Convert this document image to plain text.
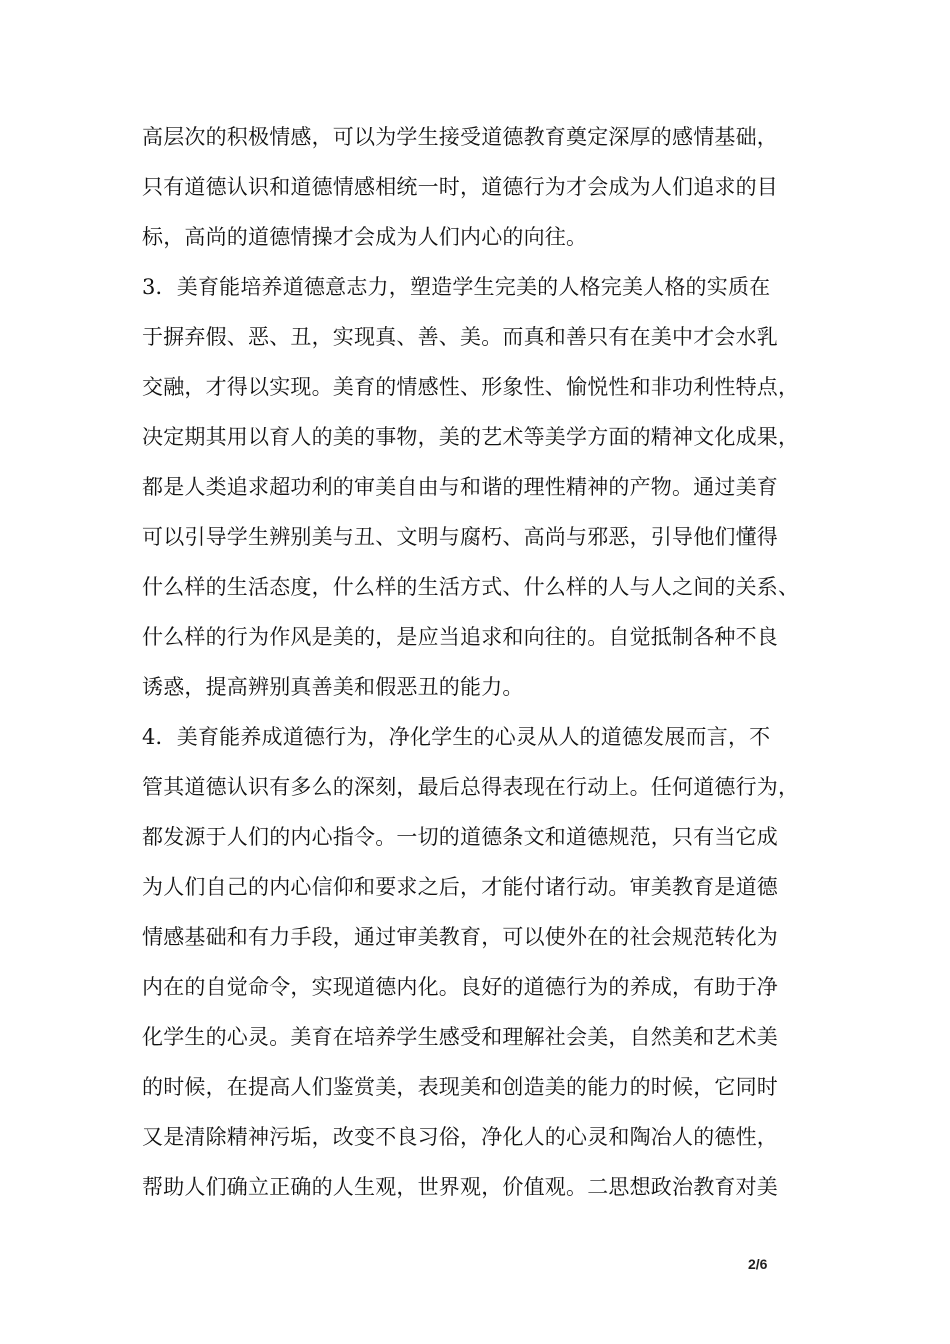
高层次的积极情感，可以为学生接受道德教育奠定深厚的感情基础，
只有道德认识和道德情感相统一时，道德行为才会成为人们追求的目
标，高尚的道德情操才会成为人们内心的向往。
3．美育能培养道德意志力，塑造学生完美的人格完美人格的实质在
于摒弃假、恶、丑，实现真、善、美。而真和善只有在美中才会水乳
交融，才得以实现。美育的情感性、形象性、愉悦性和非功利性特点，
决定期其用以育人的美的事物，美的艺术等美学方面的精神文化成果，
都是人类追求超功利的审美自由与和谐的理性精神的产物。通过美育
可以引导学生辨别美与丑、文明与腐朽、高尚与邪恶，引导他们懂得
什么样的生活态度，什么样的生活方式、什么样的人与人之间的关系、
什么样的行为作风是美的，是应当追求和向往的。自觉抵制各种不良
诱惑，提高辨别真善美和假恶丑的能力。
4．美育能养成道德行为，净化学生的心灵从人的道德发展而言，不
管其道德认识有多么的深刻，最后总得表现在行动上。任何道德行为，
都发源于人们的内心指令。一切的道德条文和道德规范，只有当它成
为人们自己的内心信仰和要求之后，才能付诸行动。审美教育是道德
情感基础和有力手段，通过审美教育，可以使外在的社会规范转化为
内在的自觉命令，实现道德内化。良好的道德行为的养成，有助于净
化学生的心灵。美育在培养学生感受和理解社会美，自然美和艺术美
的时候，在提高人们鉴赏美，表现美和创造美的能力的时候，它同时
又是清除精神污垢，改变不良习俗，净化人的心灵和陶冶人的德性，
帮助人们确立正确的人生观，世界观，价值观。二思想政治教育对美
2/6
